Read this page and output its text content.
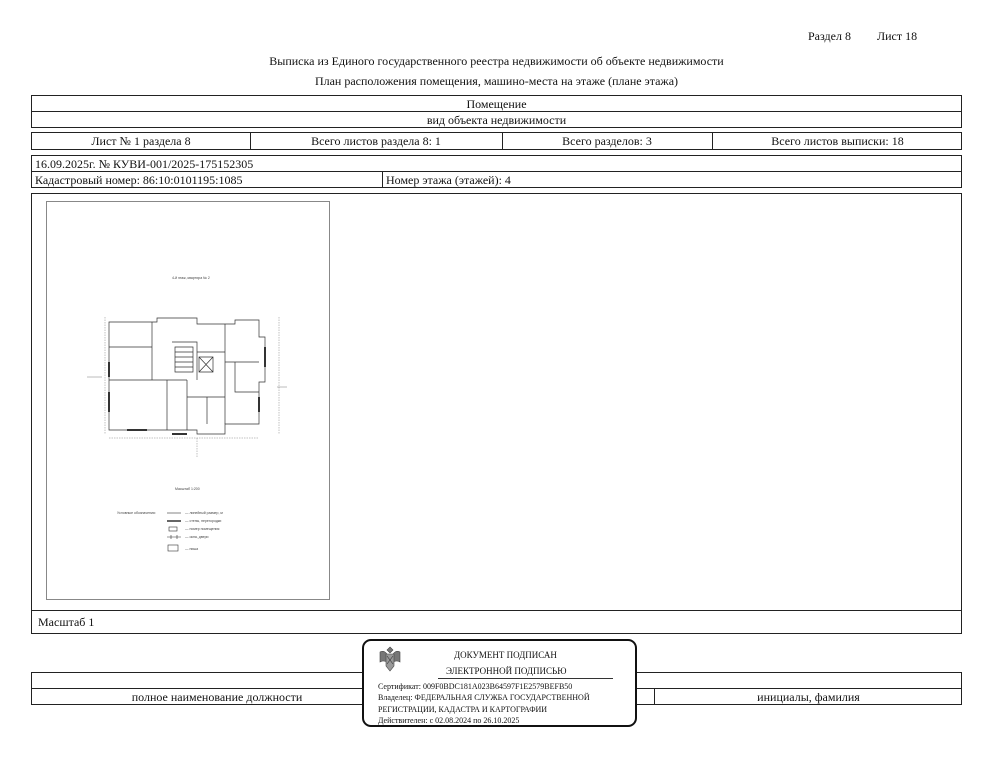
Раздел 8 Лист 18
Выписка из Единого государственного реестра недвижимости об объекте недвижимости
План расположения помещения, машино-места на этаже (плане этажа)
Помещение
вид объекта недвижимости
Лист № 1 раздела 8	Всего листов раздела 8: 1	Всего разделов: 3	Всего листов выписки: 18
16.09.2025г. № КУВИ-001/2025-175152305
Кадастровый номер: 86:10:0101195:1085	Номер этажа (этажей): 4
Масштаб 1
4-й этаж, квартира № 2
Масштаб 1:200
Условные обозначения:	— линейный размер, м
— стены, перегородки
— номер помещения
— окна, двери
— ниша
полное наименование должности	инициалы, фамилия
ДОКУМЕНТ ПОДПИСАН
ЭЛЕКТРОННОЙ ПОДПИСЬЮ
Сертификат: 009F0BDC181A023B64597F1E2579BEFB50
Владелец: ФЕДЕРАЛЬНАЯ СЛУЖБА ГОСУДАРСТВЕННОЙ
РЕГИСТРАЦИИ, КАДАСТРА И КАРТОГРАФИИ
Действителен: с 02.08.2024 по 26.10.2025
